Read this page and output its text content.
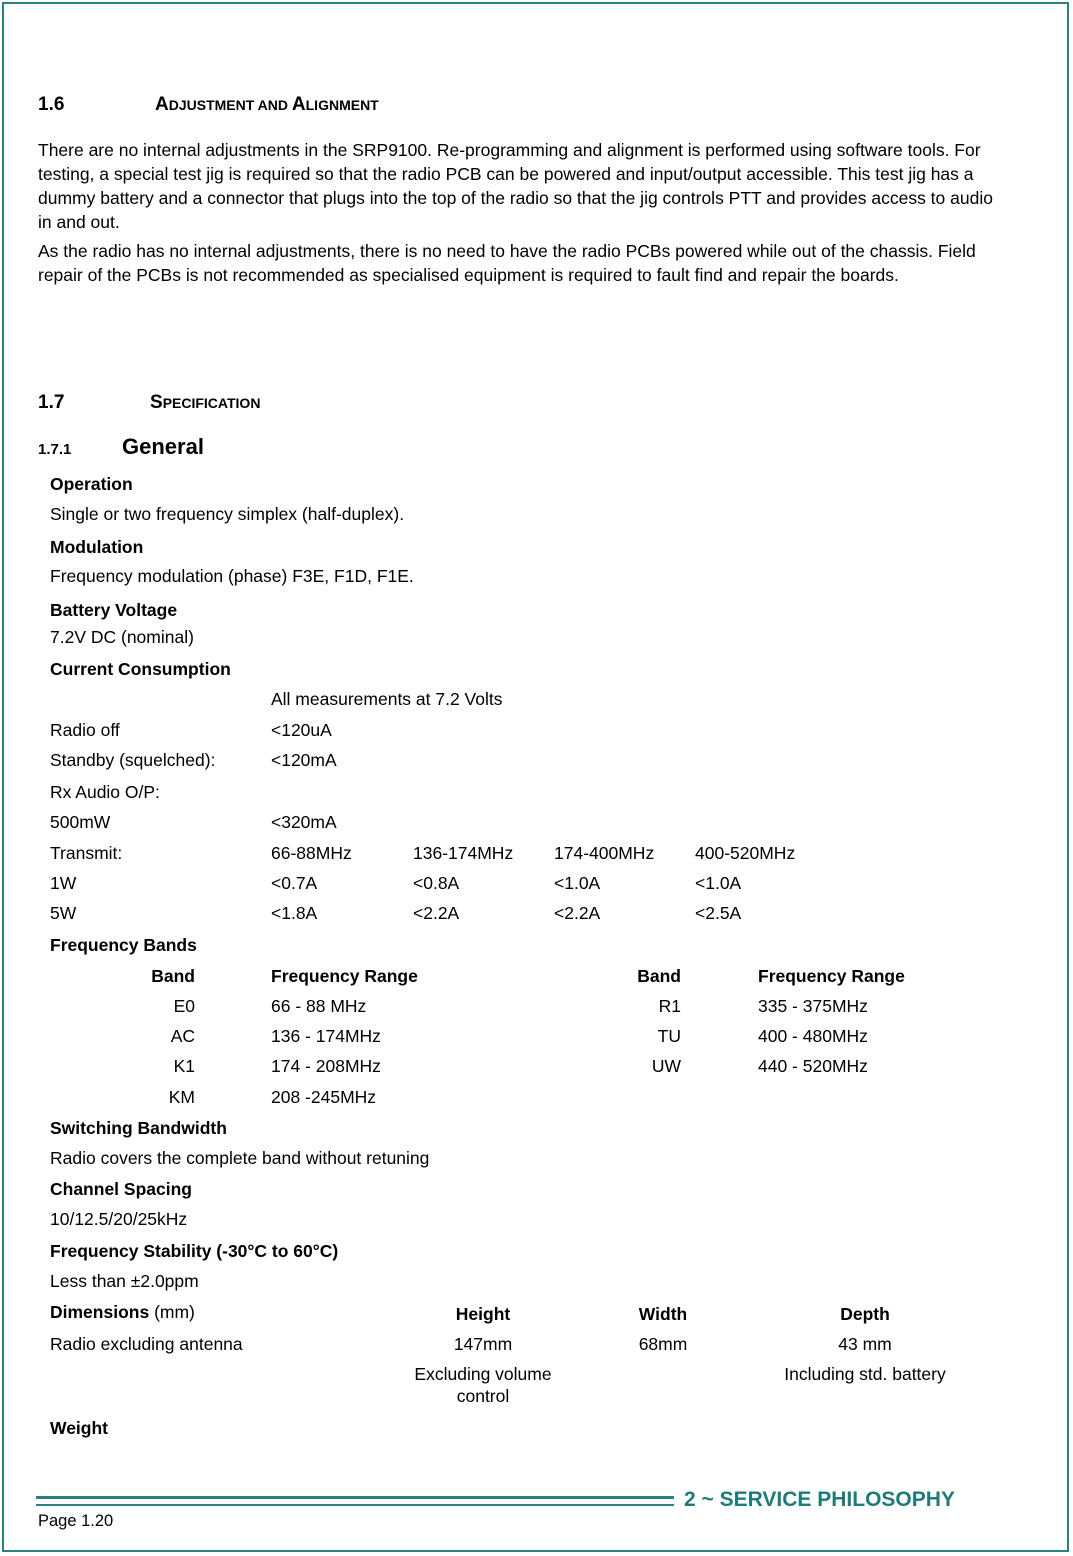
1.6	ADJUSTMENT AND ALIGNMENT
There are no internal adjustments in the SRP9100. Re-programming and alignment is performed using software tools. For testing, a special test jig is required so that the radio PCB can be powered and input/output accessible. This test jig has a dummy battery and a connector that plugs into the top of the radio so that the jig controls PTT and provides access to audio in and out.
As the radio has no internal adjustments, there is no need to have the radio PCBs powered while out of the chassis. Field repair of the PCBs is not recommended as specialised equipment is required to fault find and repair the boards.
1.7	SPECIFICATION
1.7.1 General
Operation
Single or two frequency simplex (half-duplex).
Modulation
Frequency modulation (phase) F3E, F1D, F1E.
Battery Voltage
7.2V DC (nominal)
Current Consumption
All measurements at 7.2 Volts
Radio off	<120uA
Standby (squelched):	<120mA
Rx Audio O/P:
500mW	<320mA
Transmit:	66-88MHz	136-174MHz 174-400MHz 400-520MHz
1W	<0.7A	<0.8A	<1.0A	<1.0A
5W	<1.8A	<2.2A	<2.2A	<2.5A
Frequency Bands
Band	Frequency Range	Band	Frequency Range
E0	66 - 88 MHz	R1	335 - 375MHz
AC	136 - 174MHz	TU	400 - 480MHz
K1	174 - 208MHz	UW	440 - 520MHz
KM	208 -245MHz
Switching Bandwidth
Radio covers the complete band without retuning
Channel Spacing
10/12.5/20/25kHz
Frequency Stability (-30°C to 60°C)
Less than ±2.0ppm
Dimensions (mm)	Height	Width	Depth
Radio excluding antenna	147mm	68mm	43 mm
Excluding volume
control
Including std. battery
Weight
2 ~ SERVICE PHILOSOPHY
Page 1.20
